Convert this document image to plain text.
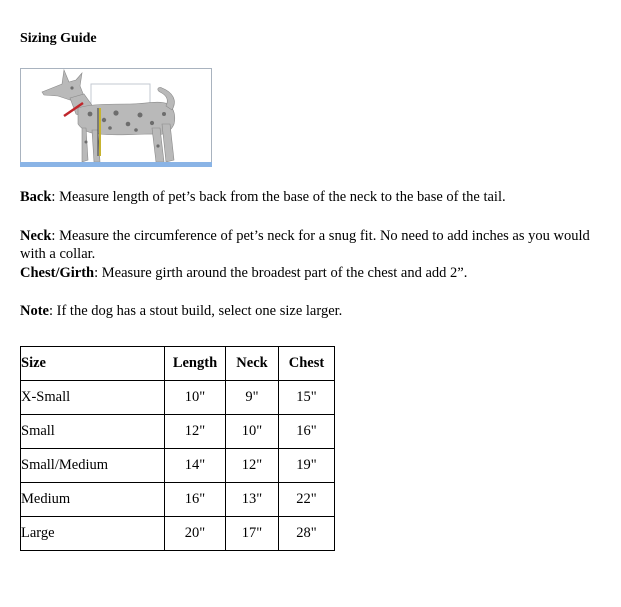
Sizing Guide
Back: Measure length of pet’s back from the base of the neck to the base of the tail.
Neck: Measure the circumference of pet’s neck for a snug fit. No need to add inches as you would with a collar.
Chest/Girth: Measure girth around the broadest part of the chest and add 2”.
Note: If the dog has a stout build, select one size larger.
Size	Length	Neck	Chest
X-Small	10"	9"	15"
Small	12"	10"	16"
Small/Medium	14"	12"	19"
Medium	16"	13"	22"
Large	20"	17"	28"
